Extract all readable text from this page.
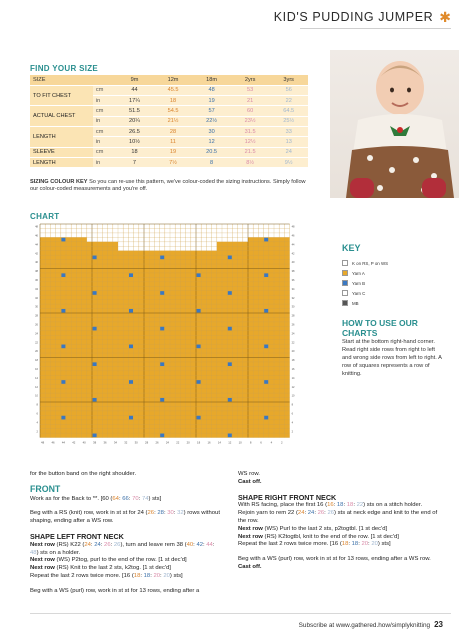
KID'S PUDDING JUMPER ✱
FIND YOUR SIZE
SIZE		9m	12m	18m	2yrs	3yrs
TO FIT CHEST	cm	44	45.5	48	53	56
	in	17¼	18	19	21	22
ACTUAL CHEST	cm	51.5	54.5	57	60	64.5
	in	20¼	21½	22½	23½	25½
LENGTH	cm	26.5	28	30	31.5	33
	in	10½	11	12	12½	13
SLEEVE	cm	18	19	20.5	21.5	24
LENGTH	in	7	7½	8	8½	9½
SIZING COLOUR KEY So you can re-use this pattern, we've colour-coded the sizing instructions. Simply follow our colour-coded measurements and you're off.
CHART
48	48
46	46
44	44
42	42
40	40
38	38
36	36
34	34
32	32
30	30
28	28
26	26
24	24
22	22
20	20
18	18
16	16
14	14
12	12
10	10
8	8
6	6
4	4
2	2
48	46	44	42	40	38	36	34	32	30	28	26	24	22	20	18	16	14	12	10	8	6	4	2
KEY
K on RS, P on WS
Yarn A
Yarn B
Yarn C
MB
HOW TO USE OUR CHARTS
Start at the bottom right-hand corner. Read right side rows from right to left and wrong side rows from left to right. A row of squares represents a row of knitting.

for the button band on the right shoulder.

FRONT

Work as for the Back to **. [60 (64: 66: 70: 74) sts]

Beg with a RS (knit) row, work in st st for 24 (26: 28: 30: 32) rows without shaping, ending after a WS row.

SHAPE LEFT FRONT NECK
Next row (RS) K22 (24: 24: 26: 26), turn and leave rem 38 (40: 42: 44: 48) sts on a holder.
Next row (WS) P2tog, purl to the end of the row. [1 st dec'd]
Next row (RS) Knit to the last 2 sts, k2tog. [1 st dec'd]

Repeat the last 2 rows twice more. [16 (18: 18: 20: 20) sts]

Beg with a WS (purl) row, work in st st for 13 rows, ending after a

WS row.

Cast off.

SHAPE RIGHT FRONT NECK
With RS facing, place the first 16 (16: 18: 18: 22) sts on a stitch holder.
Rejoin yarn to rem 22 (24: 24: 26: 26) sts at neck edge and knit to the end of the row.
Next row (WS) Purl to the last 2 sts, p2togtbl. [1 st dec'd]
Next row (RS) K2togtbl, knit to the end of the row. [1 st dec'd]

Repeat the last 2 rows twice more. [16 (18: 18: 20: 20) sts]

Beg with a WS (purl) row, work in st st for 13 rows, ending after a WS row.

Cast off.

Subscribe at www.gathered.how/simplyknitting 23
